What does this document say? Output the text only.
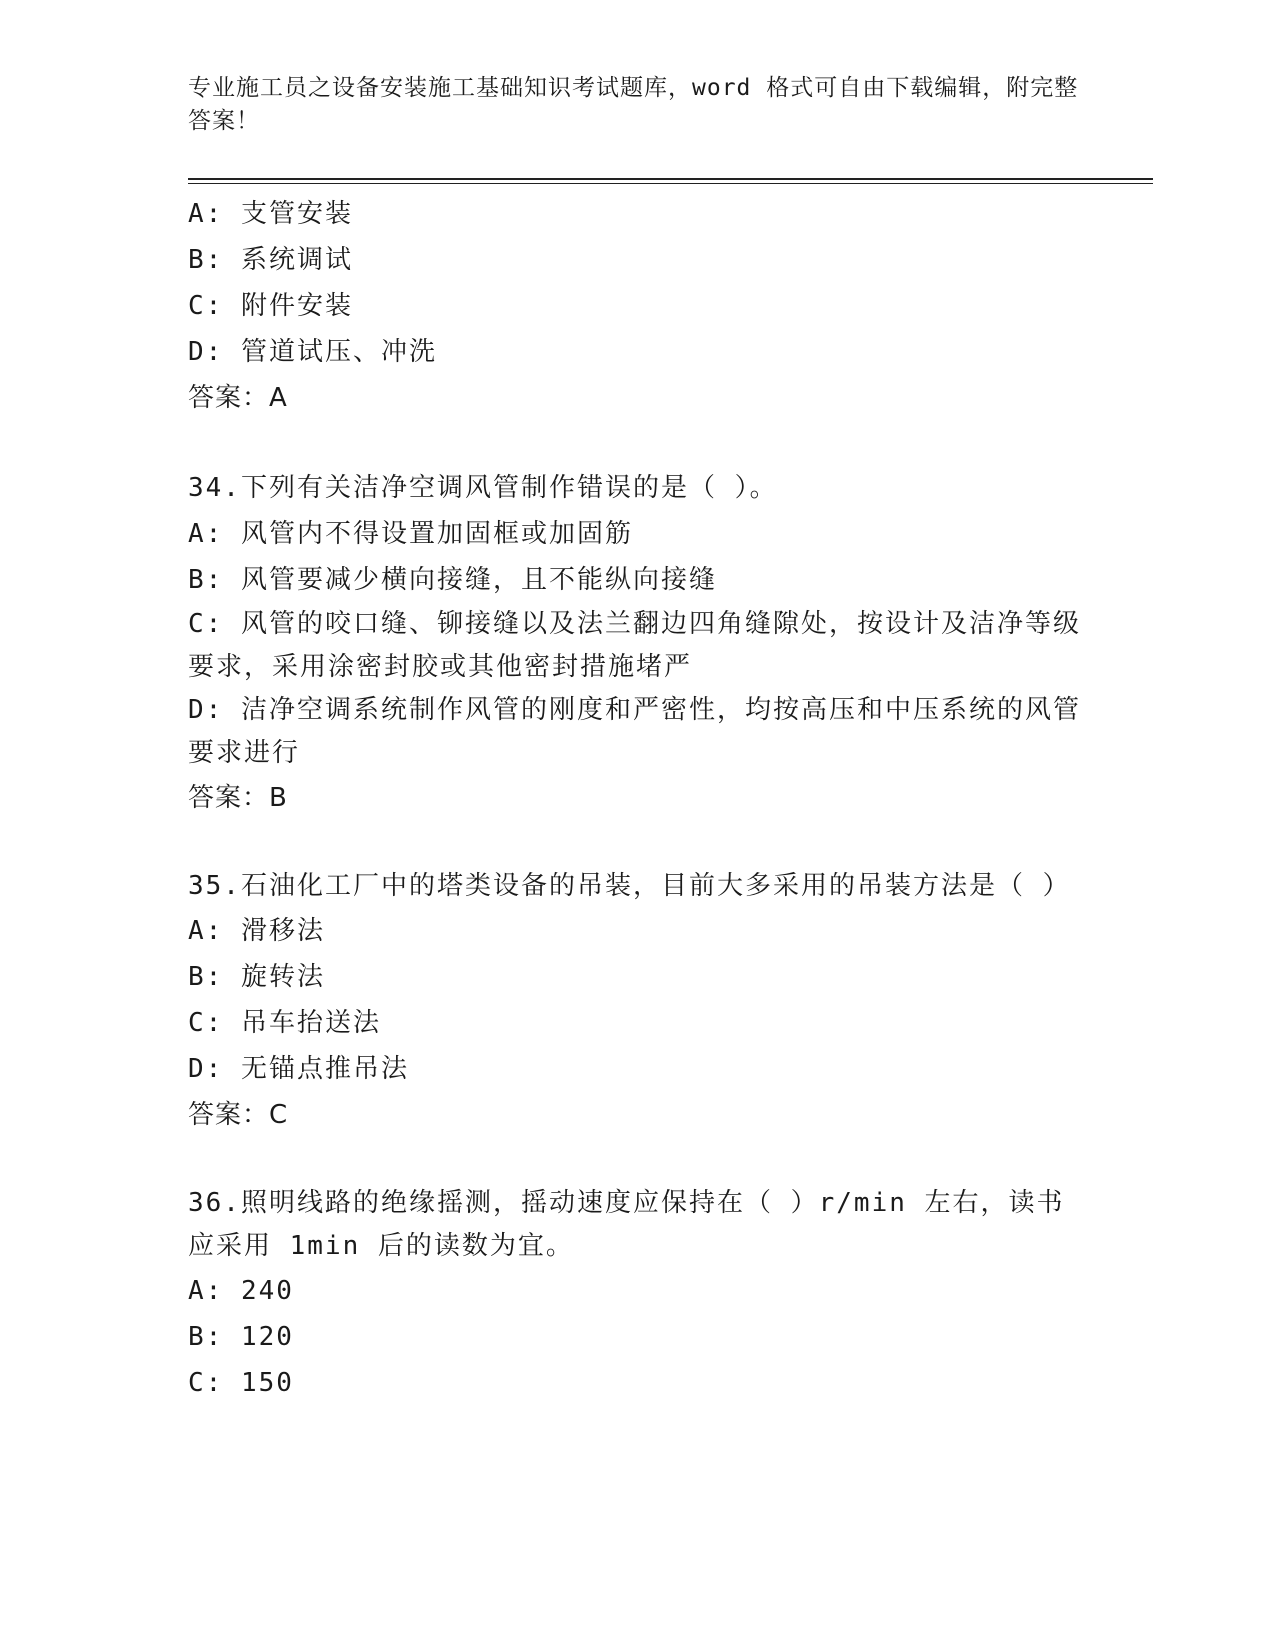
专业施工员之设备安装施工基础知识考试题库，word 格式可自由下载编辑，附完整答案！

A: 支管安装

B: 系统调试

C: 附件安装

D: 管道试压、冲洗

答案：A

34.下列有关洁净空调风管制作错误的是（ ）。

A: 风管内不得设置加固框或加固筋

B: 风管要减少横向接缝，且不能纵向接缝

C: 风管的咬口缝、铆接缝以及法兰翻边四角缝隙处，按设计及洁净等级要求，采用涂密封胶或其他密封措施堵严

D: 洁净空调系统制作风管的刚度和严密性，均按高压和中压系统的风管要求进行

答案：B

35.石油化工厂中的塔类设备的吊装，目前大多采用的吊装方法是（ ）

A: 滑移法

B: 旋转法

C: 吊车抬送法

D: 无锚点推吊法

答案：C

36.照明线路的绝缘摇测，摇动速度应保持在（ ）r/min 左右，读书应采用 1min 后的读数为宜。

A: 240

B: 120

C: 150
